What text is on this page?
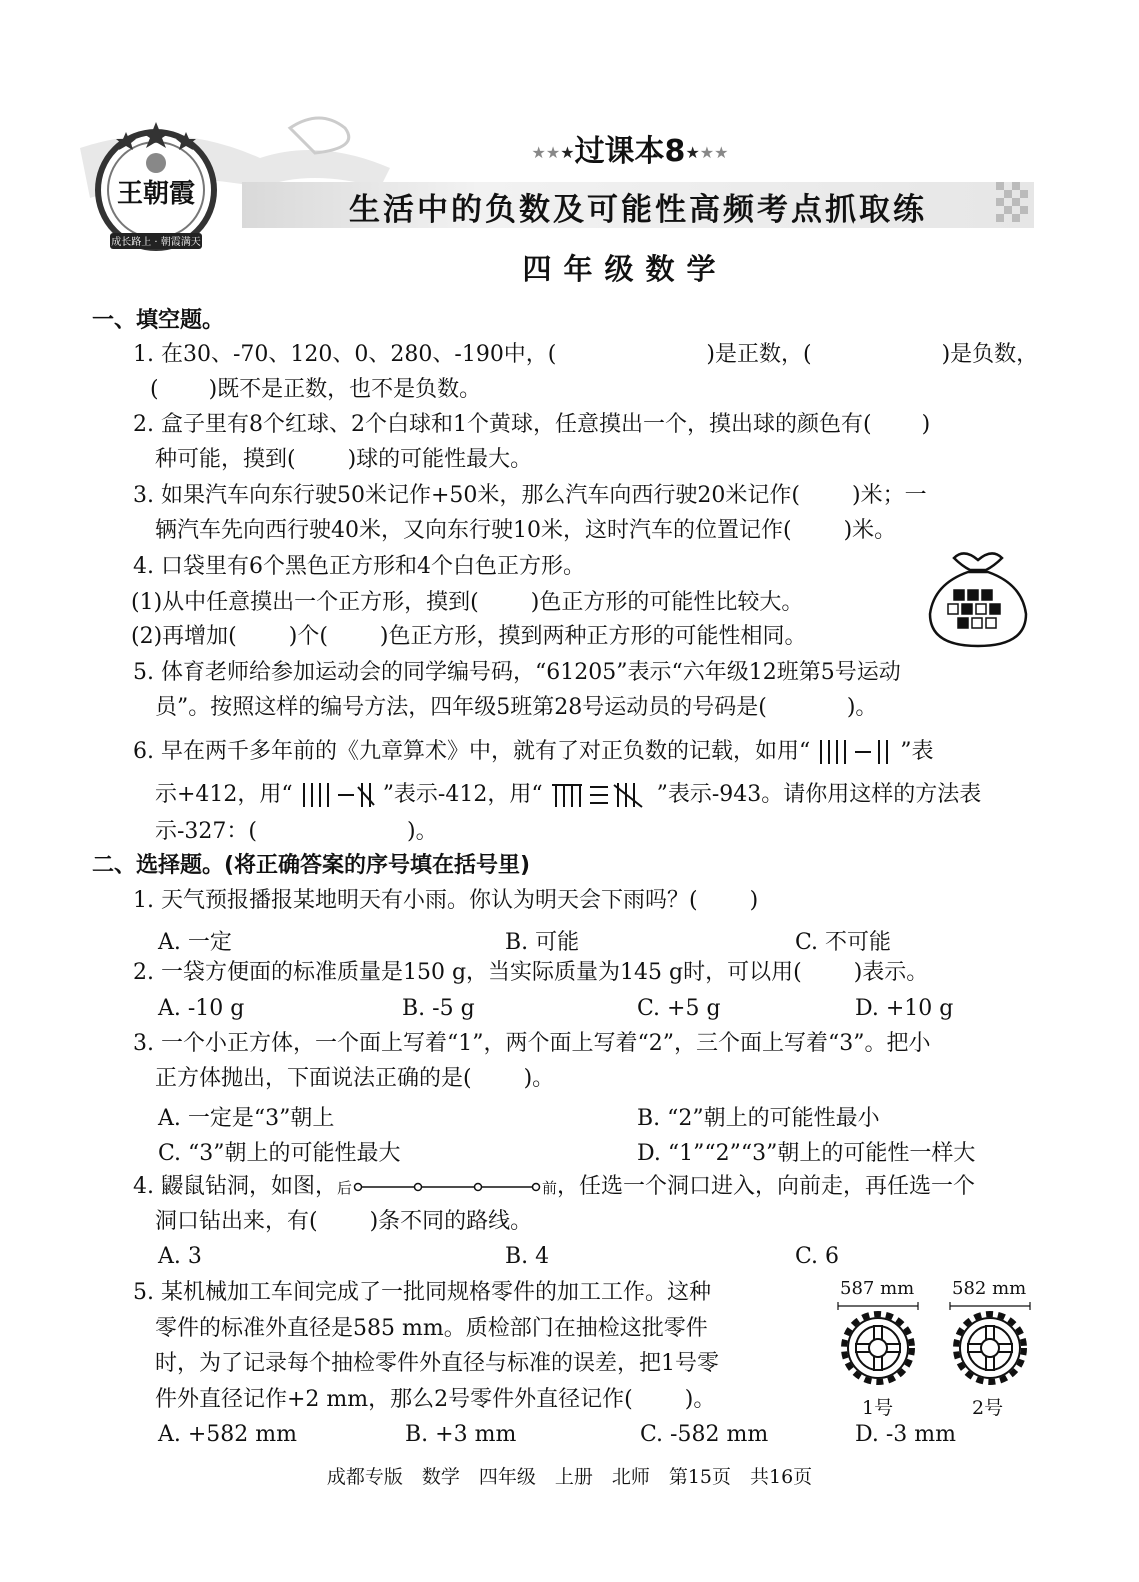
王朝霞
成长路上 · 朝霞满天
★★★过课本8★★★
生活中的负数及可能性高频考点抓取练
四年级数学
一、填空题。
1. 在30、-70、120、0、280、-190中，(	)是正数，(	)是负数，
( )既不是正数，也不是负数。
2. 盒子里有8个红球、2个白球和1个黄球，任意摸出一个，摸出球的颜色有( )
种可能，摸到( )球的可能性最大。
3. 如果汽车向东行驶50米记作+50米，那么汽车向西行驶20米记作( )米；一
辆汽车先向西行驶40米，又向东行驶10米，这时汽车的位置记作( )米。
4. 口袋里有6个黑色正方形和4个白色正方形。
(1)从中任意摸出一个正方形，摸到( )色正方形的可能性比较大。
(2)再增加( )个( )色正方形，摸到两种正方形的可能性相同。
5. 体育老师给参加运动会的同学编号码，“61205”表示“六年级12班第5号运动
员”。按照这样的编号方法，四年级5班第28号运动员的号码是(	)。
6. 早在两千多年前的《九章算术》中，就有了对正负数的记载，如用“	”表
示+412，用“	”表示-412，用“	”表示-943。请你用这样的方法表
示-327：(	)。
二、选择题。(将正确答案的序号填在括号里)
1. 天气预报播报某地明天有小雨。你认为明天会下雨吗？( )
A. 一定	B. 可能	C. 不可能
2. 一袋方便面的标准质量是150 g，当实际质量为145 g时，可以用( )表示。
A. -10 g	B. -5 g	C. +5 g	D. +10 g
3. 一个小正方体，一个面上写着“1”，两个面上写着“2”，三个面上写着“3”。把小
正方体抛出，下面说法正确的是( )。
A. 一定是“3”朝上	B. “2”朝上的可能性最小
C. “3”朝上的可能性最大	D. “1”“2”“3”朝上的可能性一样大
4. 鼹鼠钻洞，如图，后	前，任选一个洞口进入，向前走，再任选一个
洞口钻出来，有( )条不同的路线。
A. 3	B. 4	C. 6
5. 某机械加工车间完成了一批同规格零件的加工工作。这种
零件的标准外直径是585 mm。质检部门在抽检这批零件
时，为了记录每个抽检零件外直径与标准的误差，把1号零
件外直径记作+2 mm，那么2号零件外直径记作( )。
A. +582 mm	B. +3 mm	C. -582 mm	D. -3 mm
587 mm
1号
582 mm
2号
成都专版　数学　四年级　上册　北师　第15页　共16页
